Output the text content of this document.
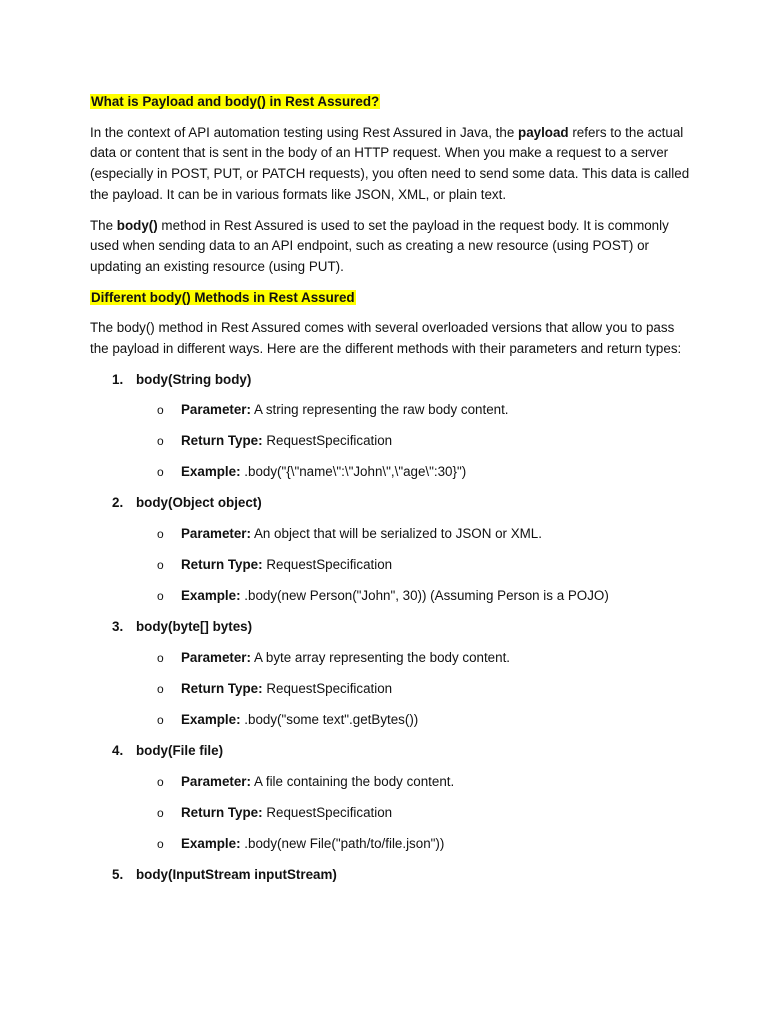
What is Payload and body() in Rest Assured?

In the context of API automation testing using Rest Assured in Java, the payload refers to the actual data or content that is sent in the body of an HTTP request. When you make a request to a server (especially in POST, PUT, or PATCH requests), you often need to send some data. This data is called the payload. It can be in various formats like JSON, XML, or plain text.

The body() method in Rest Assured is used to set the payload in the request body. It is commonly used when sending data to an API endpoint, such as creating a new resource (using POST) or updating an existing resource (using PUT).

Different body() Methods in Rest Assured

The body() method in Rest Assured comes with several overloaded versions that allow you to pass the payload in different ways. Here are the different methods with their parameters and return types:

1. body(String body)
o Parameter: A string representing the raw body content.
o Return Type: RequestSpecification
o Example: .body("{\"name\":\"John\",\"age\":30}")
2. body(Object object)
o Parameter: An object that will be serialized to JSON or XML.
o Return Type: RequestSpecification
o Example: .body(new Person("John", 30)) (Assuming Person is a POJO)
3. body(byte[] bytes)
o Parameter: A byte array representing the body content.
o Return Type: RequestSpecification
o Example: .body("some text".getBytes())
4. body(File file)
o Parameter: A file containing the body content.
o Return Type: RequestSpecification
o Example: .body(new File("path/to/file.json"))
5. body(InputStream inputStream)
